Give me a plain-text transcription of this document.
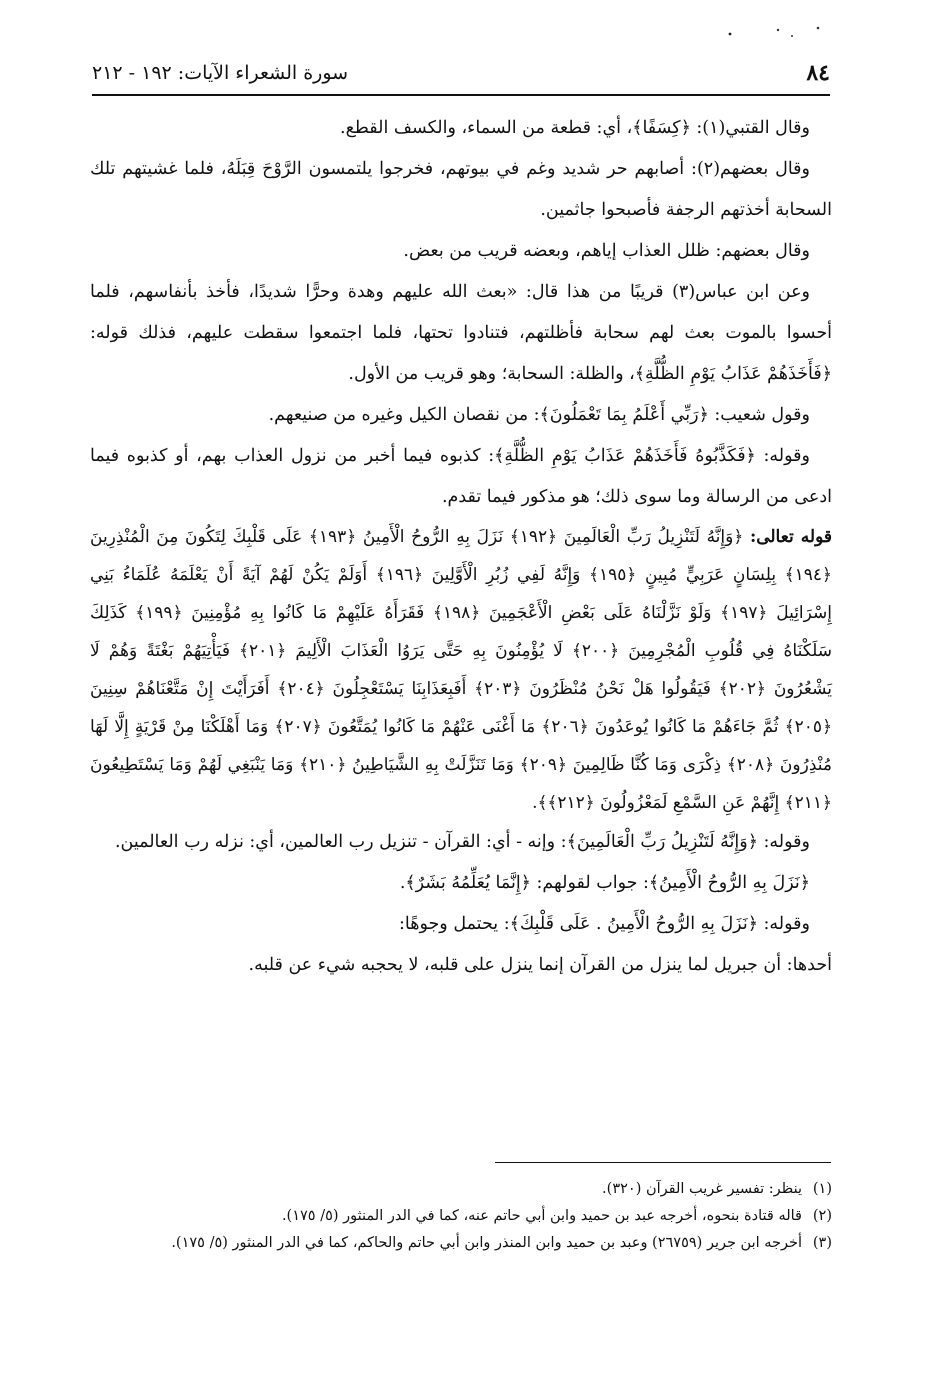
٨٤
سورة الشعراء الآيات: ١٩٢ - ٢١٢

وقال القتبي(١): ﴿كِسَفًا﴾، أي: قطعة من السماء، والكسف القطع.

وقال بعضهم(٢): أصابهم حر شديد وغم في بيوتهم، فخرجوا يلتمسون الرَّوْحَ قِبَلَهُ، فلما غشيتهم تلك السحابة أخذتهم الرجفة فأصبحوا جاثمين.

وقال بعضهم: ظلل العذاب إياهم، وبعضه قريب من بعض.

وعن ابن عباس(٣) قريبًا من هذا قال: «بعث الله عليهم وهدة وحرًّا شديدًا، فأخذ بأنفاسهم، فلما أحسوا بالموت بعث لهم سحابة فأظلتهم، فتنادوا تحتها، فلما اجتمعوا سقطت عليهم، فذلك قوله: ﴿فَأَخَذَهُمْ عَذَابُ يَوْمِ الظُّلَّةِ﴾، والظلة: السحابة؛ وهو قريب من الأول.

وقول شعيب: ﴿رَبِّي أَعْلَمُ بِمَا تَعْمَلُونَ﴾: من نقصان الكيل وغيره من صنيعهم.

وقوله: ﴿فَكَذَّبُوهُ فَأَخَذَهُمْ عَذَابُ يَوْمِ الظُّلَّةِ﴾: كذبوه فيما أخبر من نزول العذاب بهم، أو كذبوه فيما ادعى من الرسالة وما سوى ذلك؛ هو مذكور فيما تقدم.

قوله تعالى: ﴿وَإِنَّهُ لَتَنْزِيلُ رَبِّ الْعَالَمِينَ ﴿١٩٢﴾ نَزَلَ بِهِ الرُّوحُ الْأَمِينُ ﴿١٩٣﴾ عَلَى قَلْبِكَ لِتَكُونَ مِنَ الْمُنْذِرِينَ ﴿١٩٤﴾ بِلِسَانٍ عَرَبِيٍّ مُبِينٍ ﴿١٩٥﴾ وَإِنَّهُ لَفِي زُبُرِ الْأَوَّلِينَ ﴿١٩٦﴾ أَوَلَمْ يَكُنْ لَهُمْ آيَةً أَنْ يَعْلَمَهُ عُلَمَاءُ بَنِي إِسْرَائِيلَ ﴿١٩٧﴾ وَلَوْ نَزَّلْنَاهُ عَلَى بَعْضِ الْأَعْجَمِينَ ﴿١٩٨﴾ فَقَرَأَهُ عَلَيْهِمْ مَا كَانُوا بِهِ مُؤْمِنِينَ ﴿١٩٩﴾ كَذَلِكَ سَلَكْنَاهُ فِي قُلُوبِ الْمُجْرِمِينَ ﴿٢٠٠﴾ لَا يُؤْمِنُونَ بِهِ حَتَّى يَرَوُا الْعَذَابَ الْأَلِيمَ ﴿٢٠١﴾ فَيَأْتِيَهُمْ بَغْتَةً وَهُمْ لَا يَشْعُرُونَ ﴿٢٠٢﴾ فَيَقُولُوا هَلْ نَحْنُ مُنْظَرُونَ ﴿٢٠٣﴾ أَفَبِعَذَابِنَا يَسْتَعْجِلُونَ ﴿٢٠٤﴾ أَفَرَأَيْتَ إِنْ مَتَّعْنَاهُمْ سِنِينَ ﴿٢٠٥﴾ ثُمَّ جَاءَهُمْ مَا كَانُوا يُوعَدُونَ ﴿٢٠٦﴾ مَا أَغْنَى عَنْهُمْ مَا كَانُوا يُمَتَّعُونَ ﴿٢٠٧﴾ وَمَا أَهْلَكْنَا مِنْ قَرْيَةٍ إِلَّا لَهَا مُنْذِرُونَ ﴿٢٠٨﴾ ذِكْرَى وَمَا كُنَّا ظَالِمِينَ ﴿٢٠٩﴾ وَمَا تَنَزَّلَتْ بِهِ الشَّيَاطِينُ ﴿٢١٠﴾ وَمَا يَنْبَغِي لَهُمْ وَمَا يَسْتَطِيعُونَ ﴿٢١١﴾ إِنَّهُمْ عَنِ السَّمْعِ لَمَعْزُولُونَ ﴿٢١٢﴾﴾.

وقوله: ﴿وَإِنَّهُ لَتَنْزِيلُ رَبِّ الْعَالَمِينَ﴾: وإنه - أي: القرآن - تنزيل رب العالمين، أي: نزله رب العالمين.

﴿نَزَلَ بِهِ الرُّوحُ الْأَمِينُ﴾: جواب لقولهم: ﴿إِنَّمَا يُعَلِّمُهُ بَشَرٌ﴾.

وقوله: ﴿نَزَلَ بِهِ الرُّوحُ الْأَمِينُ . عَلَى قَلْبِكَ﴾: يحتمل وجوهًا:

أحدها: أن جبريل لما ينزل من القرآن إنما ينزل على قلبه، لا يحجبه شيء عن قلبه.

(١)ينظر: تفسير غريب القرآن (٣٢٠).

(٢)قاله قتادة بنحوه، أخرجه عبد بن حميد وابن أبي حاتم عنه، كما في الدر المنثور (٥/ ١٧٥).

(٣)أخرجه ابن جرير (٢٦٧٥٩) وعبد بن حميد وابن المنذر وابن أبي حاتم والحاكم، كما في الدر المنثور (٥/ ١٧٥).
